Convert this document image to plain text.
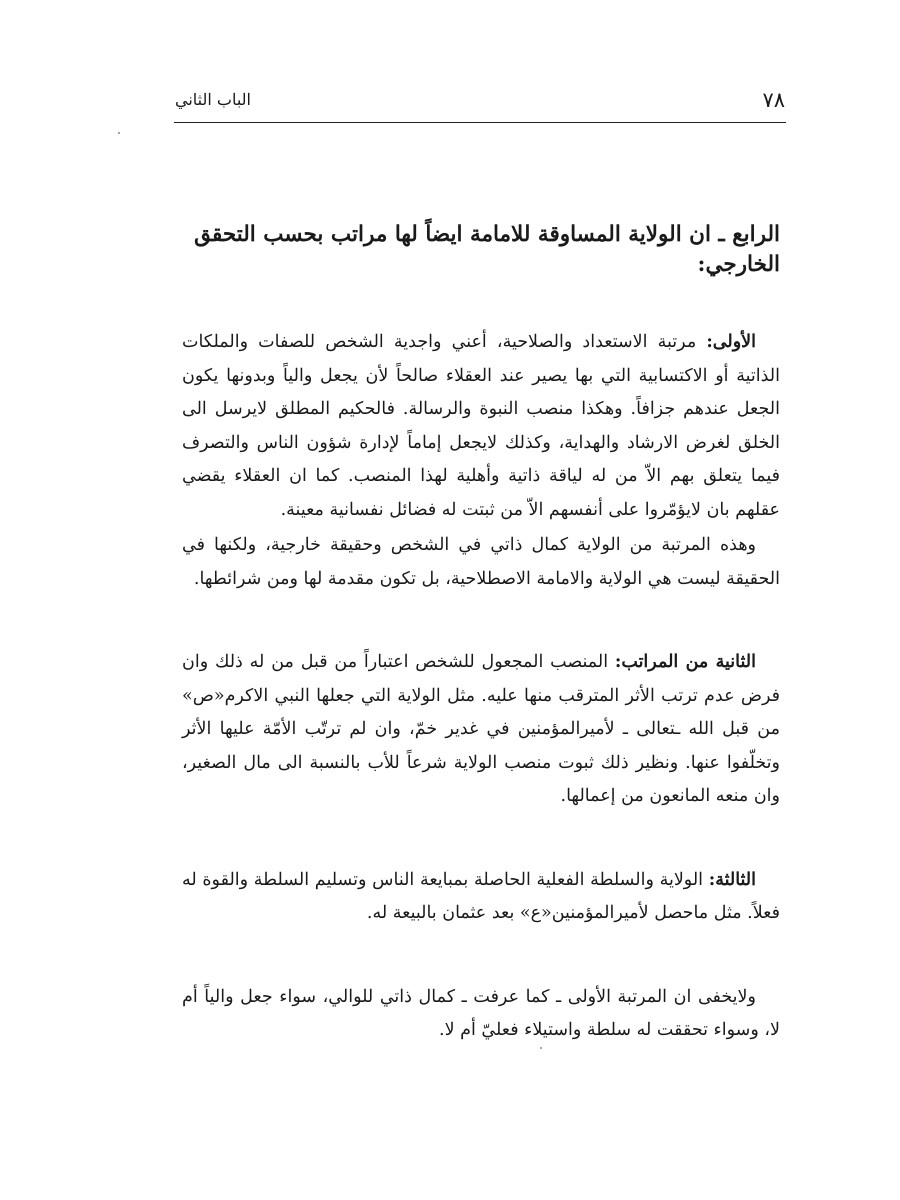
٧٨
الباب الثاني
الرابع ـ ان الولاية المساوقة للامامة ايضاً لها مراتب بحسب التحقق الخارجي:

الأولى: مرتبة الاستعداد والصلاحية، أعني واجدية الشخص للصفات والملكات الذاتية أو الاكتسابية التي بها يصير عند العقلاء صالحاً لأن يجعل والياً وبدونها يكون الجعل عندهم جزافاً. وهكذا منصب النبوة والرسالة. فالحكيم المطلق لايرسل الى الخلق لغرض الارشاد والهداية، وكذلك لايجعل إماماً لإدارة شؤون الناس والتصرف فيما يتعلق بهم الاّ من له لياقة ذاتية وأهلية لهذا المنصب. كما ان العقلاء يقضي عقلهم بان لايؤمّروا على أنفسهم الاّ من ثبتت له فضائل نفسانية معينة.

وهذه المرتبة من الولاية كمال ذاتي في الشخص وحقيقة خارجية، ولكنها في الحقيقة ليست هي الولاية والامامة الاصطلاحية، بل تكون مقدمة لها ومن شرائطها.

الثانية من المراتب: المنصب المجعول للشخص اعتباراً من قبل من له ذلك وان فرض عدم ترتب الأثر المترقب منها عليه. مثل الولاية التي جعلها النبي الاكرم«ص» من قبل الله ـتعالى ـ لأميرالمؤمنين في غدير خمّ، وان لم ترتّب الأمّة عليها الأثر وتخلّفوا عنها. ونظير ذلك ثبوت منصب الولاية شرعاً للأب بالنسبة الى مال الصغير، وان منعه المانعون من إعمالها.

الثالثة: الولاية والسلطة الفعلية الحاصلة بمبايعة الناس وتسليم السلطة والقوة له فعلاً. مثل ماحصل لأميرالمؤمنين«ع» بعد عثمان بالبيعة له.

ولايخفى ان المرتبة الأولى ـ كما عرفت ـ كمال ذاتي للوالي، سواء جعل والياً أم لا، وسواء تحققت له سلطة واستيلاء فعليّ أم لا.
